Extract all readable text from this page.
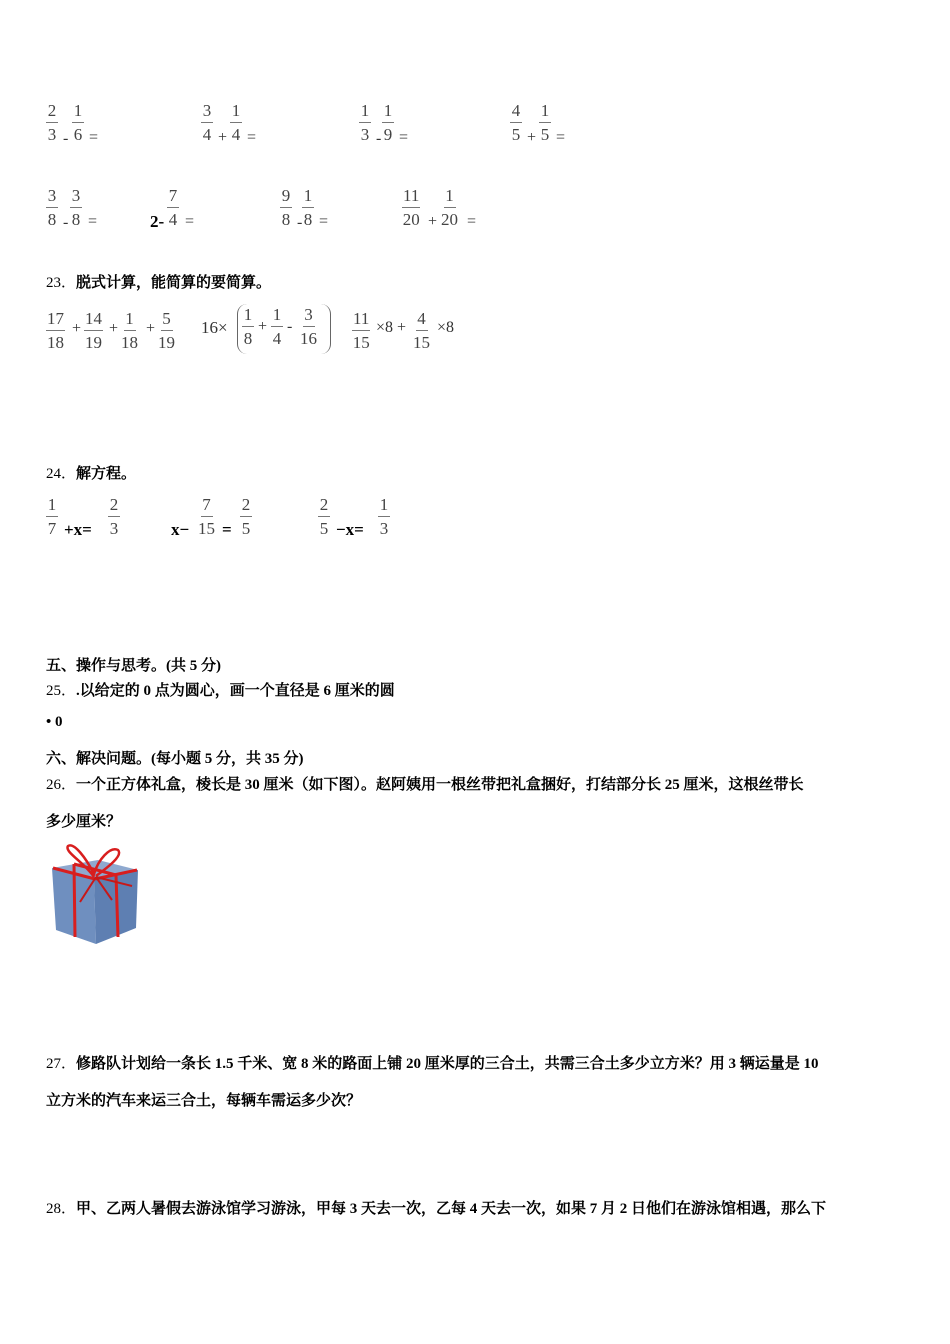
$\frac{2}{3} - \frac{1}{6}$ =	$\frac{3}{4} + \frac{1}{4}$ =	$\frac{1}{3} - \frac{1}{9}$ =	$\frac{4}{5} + \frac{1}{5}$ =
$\frac{3}{8} - \frac{3}{8}$ =	$2- \frac{7}{4}$ =	$\frac{9}{8} - \frac{1}{8}$ =	$\frac{11}{20} + \frac{1}{20}$ =
23．脱式计算，能简算的要简算。
$\frac{17}{18} + \frac{14}{19} + \frac{1}{18} + \frac{5}{19} 16\times \frac{1}{8} + \frac{1}{4} - \frac{3}{16} \frac{11}{15} \times 8 + \frac{4}{15} \times 8$
24．解方程。
$\frac{1}{7} +x= \frac{2}{3}$	$x- \frac{7}{15} = \frac{2}{5}$	$\frac{2}{5} -x= \frac{1}{3}$
五、操作与思考。(共 5 分)
25．.以给定的 0 点为圆心，画一个直径是 6 厘米的圆
• 0
六、解决问题。(每小题 5 分，共 35 分)
26．一个正方体礼盒，棱长是 30 厘米（如下图）。赵阿姨用一根丝带把礼盒捆好，打结部分长 25 厘米，这根丝带长
多少厘米？
27．修路队计划给一条长 1.5 千米、宽 8 米的路面上铺 20 厘米厚的三合土，共需三合土多少立方米？用 3 辆运量是 10
立方米的汽车来运三合土，每辆车需运多少次？
28．甲、乙两人暑假去游泳馆学习游泳，甲每 3 天去一次，乙每 4 天去一次，如果 7 月 2 日他们在游泳馆相遇，那么下
